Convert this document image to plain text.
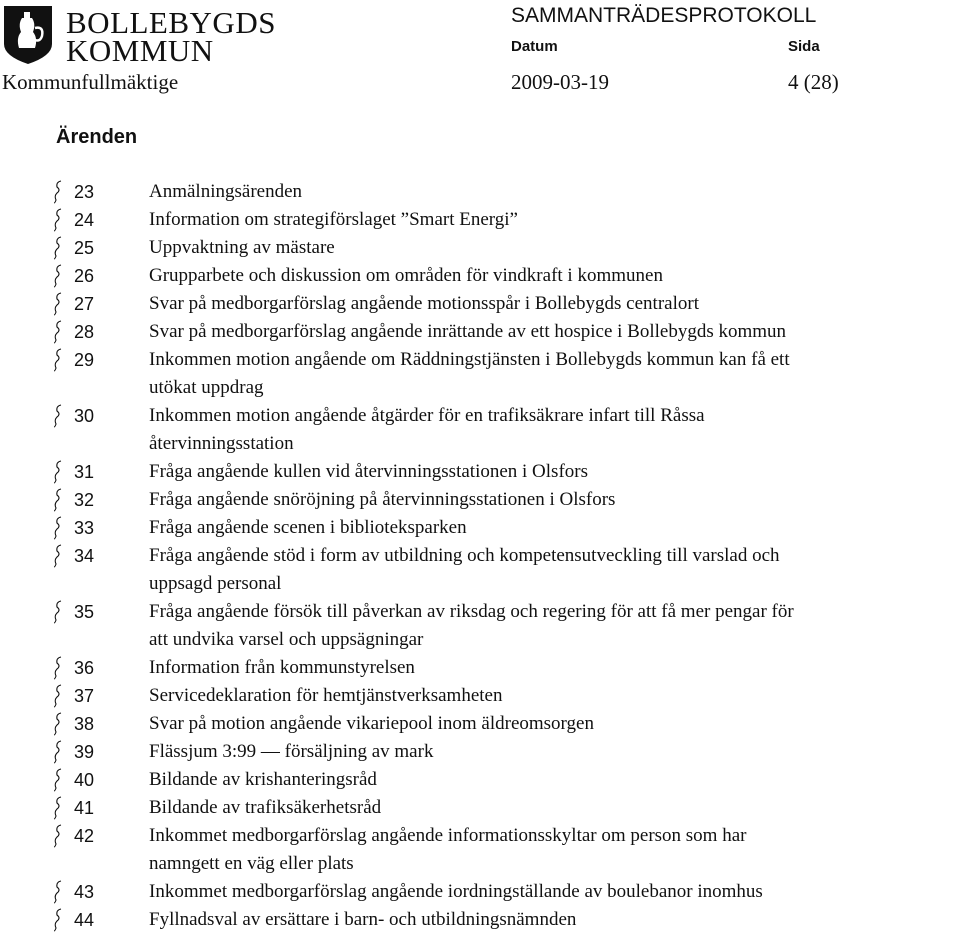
BOLLEBYGDS
KOMMUN
SAMMANTRÄDESPROTOKOLL
Datum	Sida
Kommunfullmäktige	2009-03-19	4 (28)
Ärenden
23	Anmälningsärenden
24	Information om strategiförslaget ”Smart Energi”
25	Uppvaktning av mästare
26	Grupparbete och diskussion om områden för vindkraft i kommunen
27	Svar på medborgarförslag angående motionsspår i Bollebygds centralort
28	Svar på medborgarförslag angående inrättande av ett hospice i Bollebygds kommun
29	Inkommen motion angående om Räddningstjänsten i Bollebygds kommun kan få ett
utökat uppdrag
30	Inkommen motion angående åtgärder för en trafiksäkrare infart till Råssa
återvinningsstation
31	Fråga angående kullen vid återvinningsstationen i Olsfors
32	Fråga angående snöröjning på återvinningsstationen i Olsfors
33	Fråga angående scenen i biblioteksparken
34	Fråga angående stöd i form av utbildning och kompetensutveckling till varslad och
uppsagd personal
35	Fråga angående försök till påverkan av riksdag och regering för att få mer pengar för
att undvika varsel och uppsägningar
36	Information från kommunstyrelsen
37	Servicedeklaration för hemtjänstverksamheten
38	Svar på motion angående vikariepool inom äldreomsorgen
39	Flässjum 3:99 — försäljning av mark
40	Bildande av krishanteringsråd
41	Bildande av trafiksäkerhetsråd
42	Inkommet medborgarförslag angående informationsskyltar om person som har
namngett en väg eller plats
43	Inkommet medborgarförslag angående iordningställande av boulebanor inomhus
44	Fyllnadsval av ersättare i barn- och utbildningsnämnden
